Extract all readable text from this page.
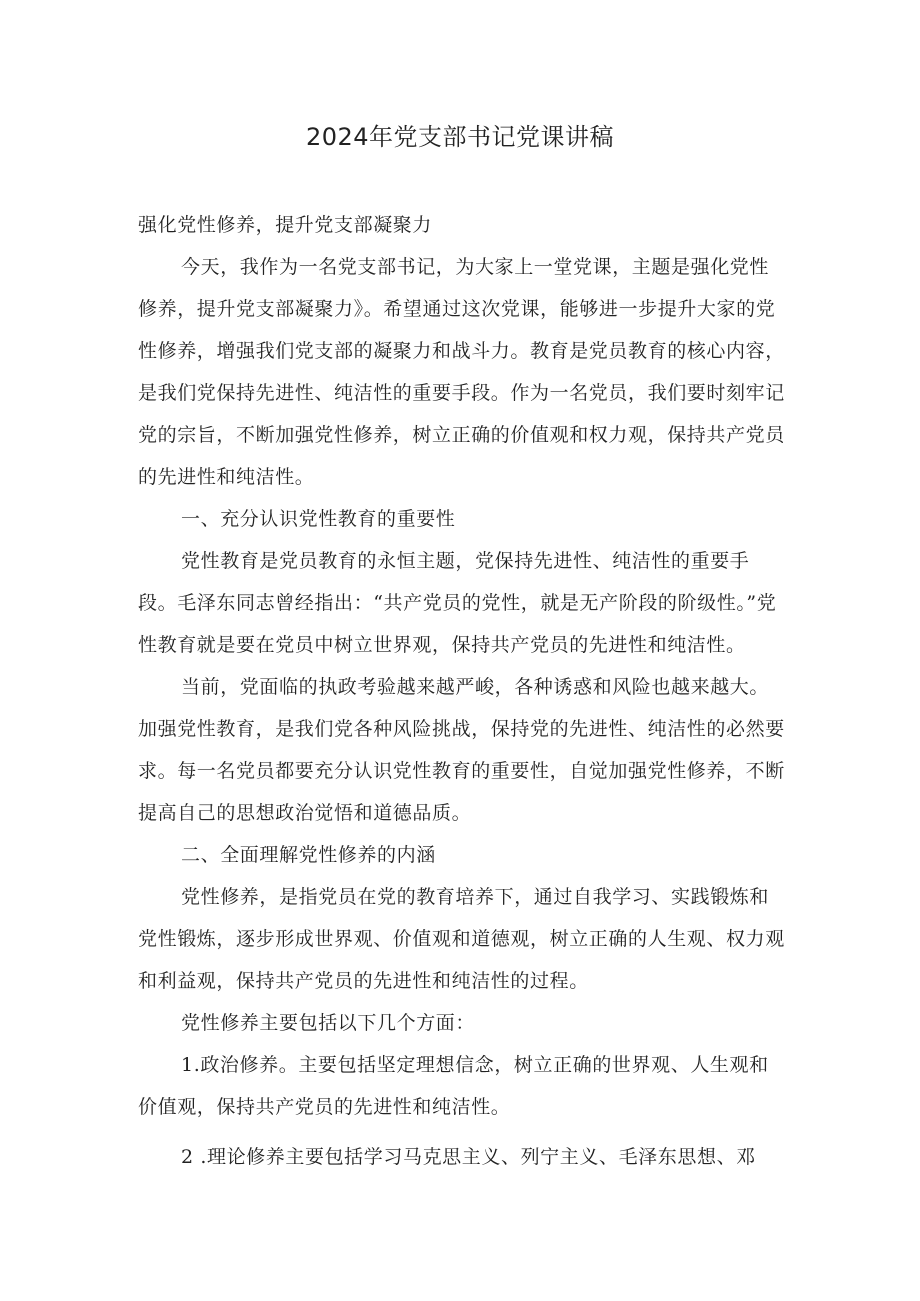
2024年党支部书记党课讲稿

强化党性修养，提升党支部凝聚力

今天，我作为一名党支部书记，为大家上一堂党课，主题是强化党性修养，提升党支部凝聚力》。希望通过这次党课，能够进一步提升大家的党性修养，增强我们党支部的凝聚力和战斗力。教育是党员教育的核心内容，是我们党保持先进性、纯洁性的重要手段。作为一名党员，我们要时刻牢记党的宗旨，不断加强党性修养，树立正确的价值观和权力观，保持共产党员的先进性和纯洁性。

一、充分认识党性教育的重要性

党性教育是党员教育的永恒主题，党保持先进性、纯洁性的重要手段。毛泽东同志曾经指出：“共产党员的党性，就是无产阶段的阶级性。”党性教育就是要在党员中树立世界观，保持共产党员的先进性和纯洁性。

当前，党面临的执政考验越来越严峻，各种诱惑和风险也越来越大。加强党性教育，是我们党各种风险挑战，保持党的先进性、纯洁性的必然要求。每一名党员都要充分认识党性教育的重要性，自觉加强党性修养，不断提高自己的思想政治觉悟和道德品质。

二、全面理解党性修养的内涵

党性修养，是指党员在党的教育培养下，通过自我学习、实践锻炼和党性锻炼，逐步形成世界观、价值观和道德观，树立正确的人生观、权力观和利益观，保持共产党员的先进性和纯洁性的过程。

党性修养主要包括以下几个方面：

1.政治修养。主要包括坚定理想信念，树立正确的世界观、人生观和价值观，保持共产党员的先进性和纯洁性。

2 .理论修养主要包括学习马克思主义、列宁主义、毛泽东思想、邓
